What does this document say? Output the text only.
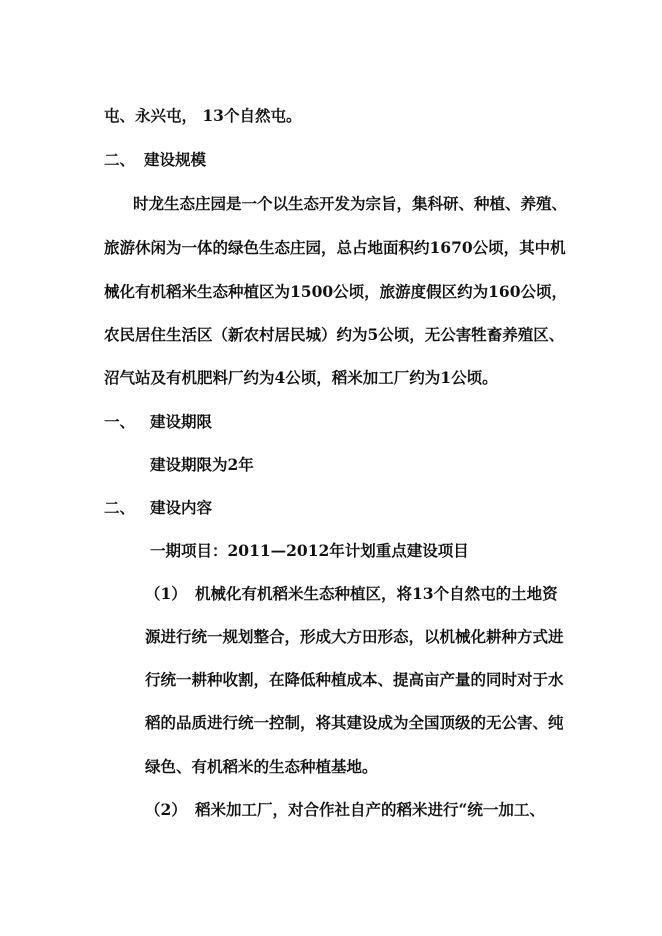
屯、永兴屯， 13个自然屯。
二、 建设规模
时龙生态庄园是一个以生态开发为宗旨，集科研、种植、养殖、
旅游休闲为一体的绿色生态庄园，总占地面积约1670公顷，其中机
械化有机稻米生态种植区为1500公顷，旅游度假区约为160公顷，
农民居住生活区（新农村居民城）约为5公顷，无公害牲畜养殖区、
沼气站及有机肥料厂约为4公顷，稻米加工厂约为1公顷。
一、 建设期限
建设期限为2年
二、 建设内容
一期项目：2011—2012年计划重点建设项目
（1） 机械化有机稻米生态种植区，将13个自然屯的土地资
源进行统一规划整合，形成大方田形态，以机械化耕种方式进
行统一耕种收割，在降低种植成本、提高亩产量的同时对于水
稻的品质进行统一控制，将其建设成为全国顶级的无公害、纯
绿色、有机稻米的生态种植基地。
（2） 稻米加工厂，对合作社自产的稻米进行“统一加工、
